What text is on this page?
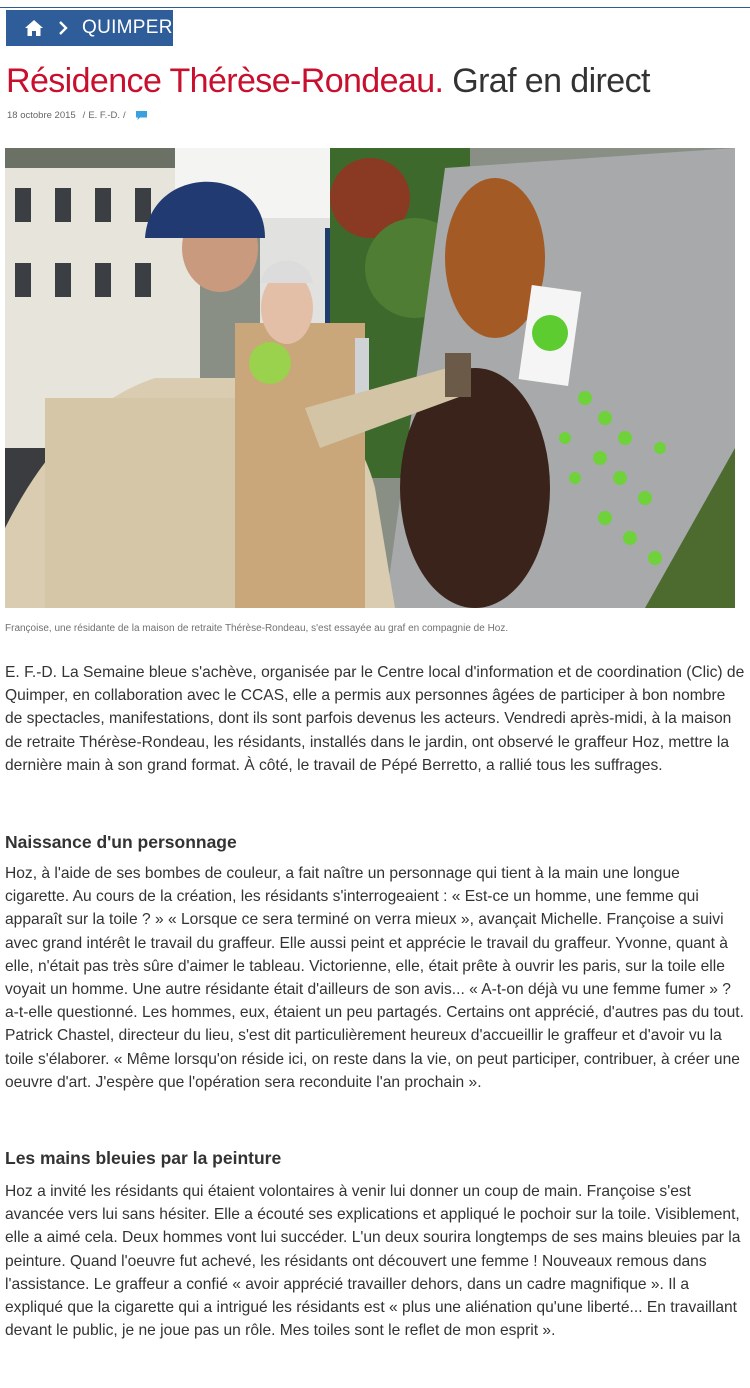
QUIMPER
Résidence Thérèse-Rondeau. Graf en direct
18 octobre 2015 / E. F.-D. /
Françoise, une résidante de la maison de retraite Thérèse-Rondeau, s'est essayée au graf en compagnie de Hoz.

E. F.-D. La Semaine bleue s'achève, organisée par le Centre local d'information et de coordination (Clic) de Quimper, en collaboration avec le CCAS, elle a permis aux personnes âgées de participer à bon nombre de spectacles, manifestations, dont ils sont parfois devenus les acteurs. Vendredi après-midi, à la maison de retraite Thérèse-Rondeau, les résidants, installés dans le jardin, ont observé le graffeur Hoz, mettre la dernière main à son grand format. À côté, le travail de Pépé Berretto, a rallié tous les suffrages.

Naissance d'un personnage

Hoz, à l'aide de ses bombes de couleur, a fait naître un personnage qui tient à la main une longue cigarette. Au cours de la création, les résidants s'interrogeaient : « Est-ce un homme, une femme qui apparaît sur la toile ? » « Lorsque ce sera terminé on verra mieux », avançait Michelle. Françoise a suivi avec grand intérêt le travail du graffeur. Elle aussi peint et apprécie le travail du graffeur. Yvonne, quant à elle, n'était pas très sûre d'aimer le tableau. Victorienne, elle, était prête à ouvrir les paris, sur la toile elle voyait un homme. Une autre résidante était d'ailleurs de son avis... « A-t-on déjà vu une femme fumer » ? a-t-elle questionné. Les hommes, eux, étaient un peu partagés. Certains ont apprécié, d'autres pas du tout. Patrick Chastel, directeur du lieu, s'est dit particulièrement heureux d'accueillir le graffeur et d'avoir vu la toile s'élaborer. « Même lorsqu'on réside ici, on reste dans la vie, on peut participer, contribuer, à créer une oeuvre d'art. J'espère que l'opération sera reconduite l'an prochain ».

Les mains bleuies par la peinture

Hoz a invité les résidants qui étaient volontaires à venir lui donner un coup de main. Françoise s'est avancée vers lui sans hésiter. Elle a écouté ses explications et appliqué le pochoir sur la toile. Visiblement, elle a aimé cela. Deux hommes vont lui succéder. L'un deux sourira longtemps de ses mains bleuies par la peinture. Quand l'oeuvre fut achevé, les résidants ont découvert une femme ! Nouveaux remous dans l'assistance. Le graffeur a confié « avoir apprécié travailler dehors, dans un cadre magnifique ». Il a expliqué que la cigarette qui a intrigué les résidants est « plus une aliénation qu'une liberté... En travaillant devant le public, je ne joue pas un rôle. Mes toiles sont le reflet de mon esprit ».
